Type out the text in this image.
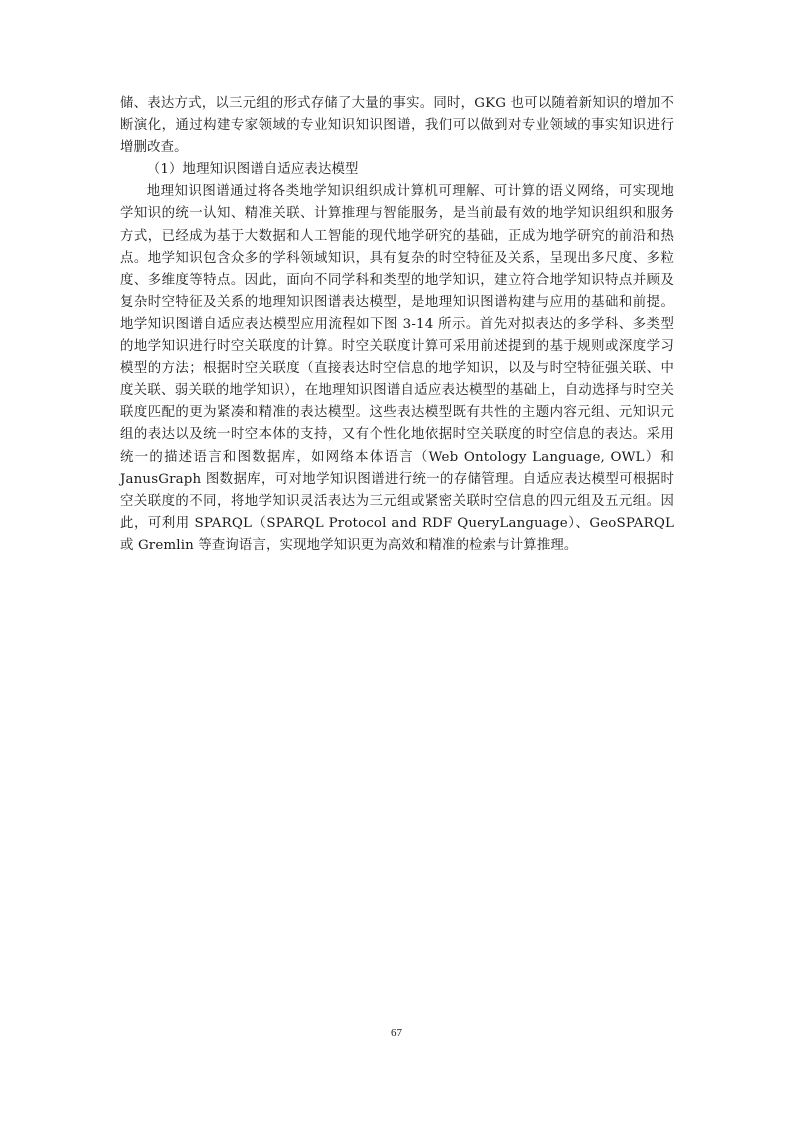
储、表达方式，以三元组的形式存储了大量的事实。同时，GKG 也可以随着新知识的增加不断演化，通过构建专家领域的专业知识知识图谱，我们可以做到对专业领域的事实知识进行增删改查。

（1）地理知识图谱自适应表达模型

地理知识图谱通过将各类地学知识组织成计算机可理解、可计算的语义网络，可实现地学知识的统一认知、精准关联、计算推理与智能服务，是当前最有效的地学知识组织和服务方式，已经成为基于大数据和人工智能的现代地学研究的基础，正成为地学研究的前沿和热点。地学知识包含众多的学科领域知识，具有复杂的时空特征及关系，呈现出多尺度、多粒度、多维度等特点。因此，面向不同学科和类型的地学知识，建立符合地学知识特点并顾及复杂时空特征及关系的地理知识图谱表达模型，是地理知识图谱构建与应用的基础和前提。地学知识图谱自适应表达模型应用流程如下图 3-14 所示。首先对拟表达的多学科、多类型的地学知识进行时空关联度的计算。时空关联度计算可采用前述提到的基于规则或深度学习模型的方法；根据时空关联度（直接表达时空信息的地学知识，以及与时空特征强关联、中度关联、弱关联的地学知识），在地理知识图谱自适应表达模型的基础上，自动选择与时空关联度匹配的更为紧凑和精准的表达模型。这些表达模型既有共性的主题内容元组、元知识元组的表达以及统一时空本体的支持，又有个性化地依据时空关联度的时空信息的表达。采用统一的描述语言和图数据库，如网络本体语言（Web Ontology Language, OWL）和 JanusGraph 图数据库，可对地学知识图谱进行统一的存储管理。自适应表达模型可根据时空关联度的不同，将地学知识灵活表达为三元组或紧密关联时空信息的四元组及五元组。因此，可利用 SPARQL（SPARQL Protocol and RDF QueryLanguage）、GeoSPARQL 或 Gremlin 等查询语言，实现地学知识更为高效和精准的检索与计算推理。

67
